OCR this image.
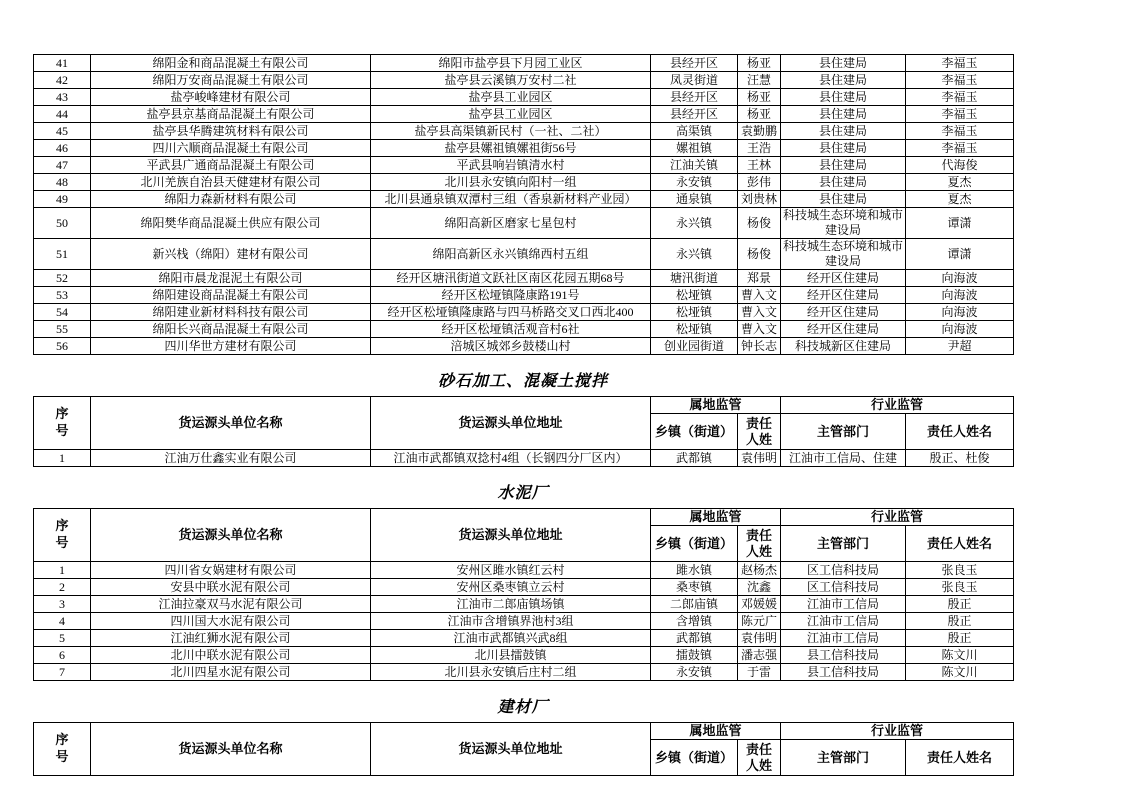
41	绵阳金和商品混凝土有限公司	绵阳市盐亭县下月园工业区	县经开区	杨亚	县住建局	李福玉
42	绵阳万安商品混凝土有限公司	盐亭县云溪镇万安村二社	凤灵街道	汪慧	县住建局	李福玉
43	盐亭峻峰建材有限公司	盐亭县工业园区	县经开区	杨亚	县住建局	李福玉
44	盐亭县京基商品混凝土有限公司	盐亭县工业园区	县经开区	杨亚	县住建局	李福玉
45	盐亭县华腾建筑材料有限公司	盐亭县高渠镇新民村（一社、二社）	高渠镇	袁勤鹏	县住建局	李福玉
46	四川六顺商品混凝土有限公司	盐亭县嫘祖镇嫘祖街56号	嫘祖镇	王浩	县住建局	李福玉
47	平武县广通商品混凝土有限公司	平武县响岩镇清水村	江油关镇	王林	县住建局	代海俊
48	北川羌族自治县天健建材有限公司	北川县永安镇向阳村一组	永安镇	彭伟	县住建局	夏杰
49	绵阳力森新材料有限公司	北川县通泉镇双潭村三组（香泉新材料产业园）	通泉镇	刘贵林	县住建局	夏杰
50	绵阳樊华商品混凝土供应有限公司	绵阳高新区磨家七星包村	永兴镇	杨俊	科技城生态环境和城市建设局	谭潇
51	新兴栈（绵阳）建材有限公司	绵阳高新区永兴镇绵西村五组	永兴镇	杨俊	科技城生态环境和城市建设局	谭潇
52	绵阳市晨龙混泥土有限公司	经开区塘汛街道文跃社区南区花园五期68号	塘汛街道	郑景	经开区住建局	向海波
53	绵阳建设商品混凝土有限公司	经开区松垭镇隆康路191号	松垭镇	曹入文	经开区住建局	向海波
54	绵阳建业新材料科技有限公司	经开区松垭镇隆康路与四马桥路交叉口西北400	松垭镇	曹入文	经开区住建局	向海波
55	绵阳长兴商品混凝土有限公司	经开区松垭镇活观音村6社	松垭镇	曹入文	经开区住建局	向海波
56	四川华世方建材有限公司	涪城区城郊乡鼓楼山村	创业园街道	钟长志	科技城新区住建局	尹超
砂石加工、混凝土搅拌
序号	货运源头单位名称	货运源头单位地址	属地监管		行业监管	
			乡镇（街道）	责任人姓	主管部门	责任人姓名
1	江油万仕鑫实业有限公司	江油市武都镇双捻村4组（长钢四分厂区内）	武都镇	袁伟明	江油市工信局、住建	殷正、杜俊
水泥厂
序号	货运源头单位名称	货运源头单位地址	属地监管		行业监管	
			乡镇（街道）	责任人姓	主管部门	责任人姓名
1	四川省女娲建材有限公司	安州区雎水镇红云村	雎水镇	赵杨杰	区工信科技局	张良玉
2	安县中联水泥有限公司	安州区桑枣镇立云村	桑枣镇	沈鑫	区工信科技局	张良玉
3	江油拉豪双马水泥有限公司	江油市二郎庙镇场镇	二郎庙镇	邓媛媛	江油市工信局	殷正
4	四川国大水泥有限公司	江油市含增镇界池村3组	含增镇	陈元广	江油市工信局	殷正
5	江油红狮水泥有限公司	江油市武都镇兴武8组	武都镇	袁伟明	江油市工信局	殷正
6	北川中联水泥有限公司	北川县擂鼓镇	擂鼓镇	潘志强	县工信科技局	陈文川
7	北川四星水泥有限公司	北川县永安镇后庄村二组	永安镇	于雷	县工信科技局	陈文川
建材厂
序号	货运源头单位名称	货运源头单位地址	属地监管		行业监管	
			乡镇（街道）	责任人姓	主管部门	责任人姓名
